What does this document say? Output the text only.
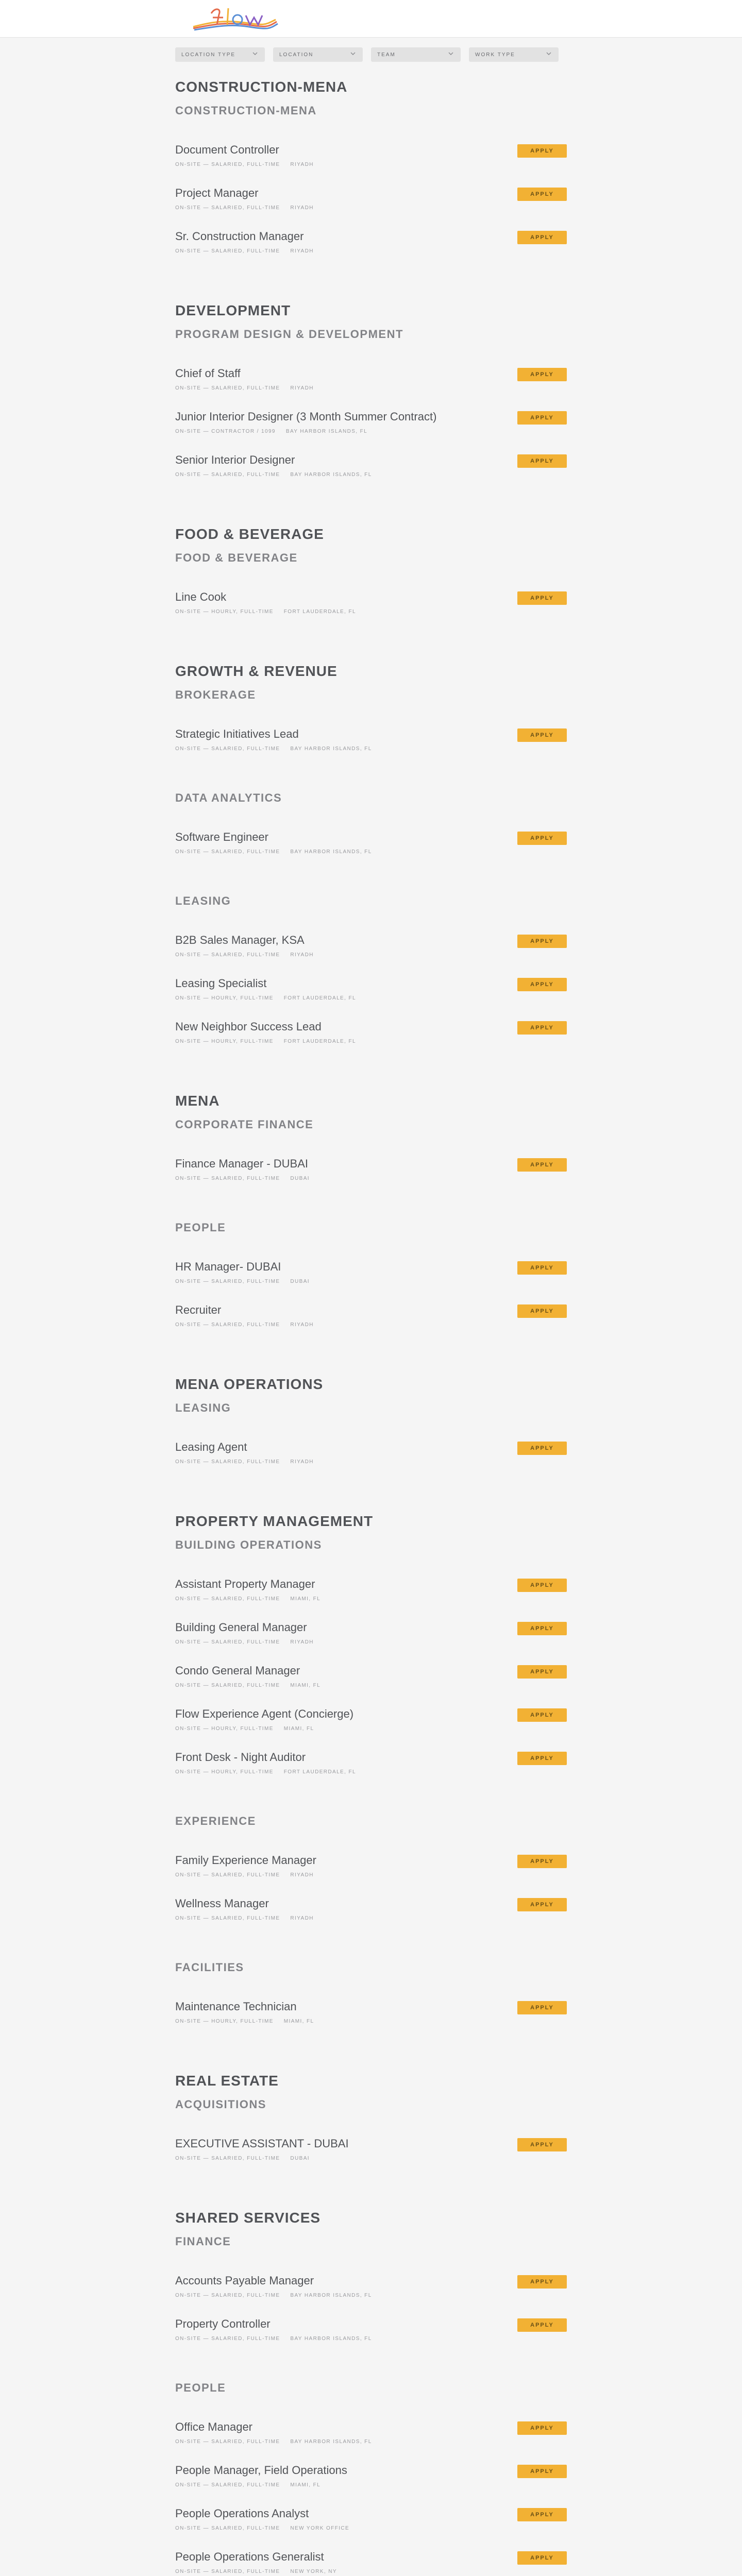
LOCATION TYPE	LOCATION	TEAM	WORK TYPE
CONSTRUCTION-MENA
CONSTRUCTION-MENA
Document Controller
ON-SITE — SALARIED, FULL-TIME RIYADH
APPLY
Project Manager
ON-SITE — SALARIED, FULL-TIME RIYADH
APPLY
Sr. Construction Manager
ON-SITE — SALARIED, FULL-TIME RIYADH
APPLY
DEVELOPMENT
PROGRAM DESIGN & DEVELOPMENT
Chief of Staff
ON-SITE — SALARIED, FULL-TIME RIYADH
APPLY
Junior Interior Designer (3 Month Summer Contract)
ON-SITE — CONTRACTOR / 1099 BAY HARBOR ISLANDS, FL
APPLY
Senior Interior Designer
ON-SITE — SALARIED, FULL-TIME BAY HARBOR ISLANDS, FL
APPLY
FOOD & BEVERAGE
FOOD & BEVERAGE
Line Cook
ON-SITE — HOURLY, FULL-TIME FORT LAUDERDALE, FL
APPLY
GROWTH & REVENUE
BROKERAGE
Strategic Initiatives Lead
ON-SITE — SALARIED, FULL-TIME BAY HARBOR ISLANDS, FL
APPLY
DATA ANALYTICS
Software Engineer
ON-SITE — SALARIED, FULL-TIME BAY HARBOR ISLANDS, FL
APPLY
LEASING
B2B Sales Manager, KSA
ON-SITE — SALARIED, FULL-TIME RIYADH
APPLY
Leasing Specialist
ON-SITE — HOURLY, FULL-TIME FORT LAUDERDALE, FL
APPLY
New Neighbor Success Lead
ON-SITE — HOURLY, FULL-TIME FORT LAUDERDALE, FL
APPLY
MENA
CORPORATE FINANCE
Finance Manager - DUBAI
ON-SITE — SALARIED, FULL-TIME DUBAI
APPLY
PEOPLE
HR Manager- DUBAI
ON-SITE — SALARIED, FULL-TIME DUBAI
APPLY
Recruiter
ON-SITE — SALARIED, FULL-TIME RIYADH
APPLY
MENA OPERATIONS
LEASING
Leasing Agent
ON-SITE — SALARIED, FULL-TIME RIYADH
APPLY
PROPERTY MANAGEMENT
BUILDING OPERATIONS
Assistant Property Manager
ON-SITE — SALARIED, FULL-TIME MIAMI, FL
APPLY
Building General Manager
ON-SITE — SALARIED, FULL-TIME RIYADH
APPLY
Condo General Manager
ON-SITE — SALARIED, FULL-TIME MIAMI, FL
APPLY
Flow Experience Agent (Concierge)
ON-SITE — HOURLY, FULL-TIME MIAMI, FL
APPLY
Front Desk - Night Auditor
ON-SITE — HOURLY, FULL-TIME FORT LAUDERDALE, FL
APPLY
EXPERIENCE
Family Experience Manager
ON-SITE — SALARIED, FULL-TIME RIYADH
APPLY
Wellness Manager
ON-SITE — SALARIED, FULL-TIME RIYADH
APPLY
FACILITIES
Maintenance Technician
ON-SITE — HOURLY, FULL-TIME MIAMI, FL
APPLY
REAL ESTATE
ACQUISITIONS
EXECUTIVE ASSISTANT - DUBAI
ON-SITE — SALARIED, FULL-TIME DUBAI
APPLY
SHARED SERVICES
FINANCE
Accounts Payable Manager
ON-SITE — SALARIED, FULL-TIME BAY HARBOR ISLANDS, FL
APPLY
Property Controller
ON-SITE — SALARIED, FULL-TIME BAY HARBOR ISLANDS, FL
APPLY
PEOPLE
Office Manager
ON-SITE — SALARIED, FULL-TIME BAY HARBOR ISLANDS, FL
APPLY
People Manager, Field Operations
ON-SITE — SALARIED, FULL-TIME MIAMI, FL
APPLY
People Operations Analyst
ON-SITE — SALARIED, FULL-TIME NEW YORK OFFICE
APPLY
People Operations Generalist
ON-SITE — SALARIED, FULL-TIME NEW YORK, NY
APPLY
